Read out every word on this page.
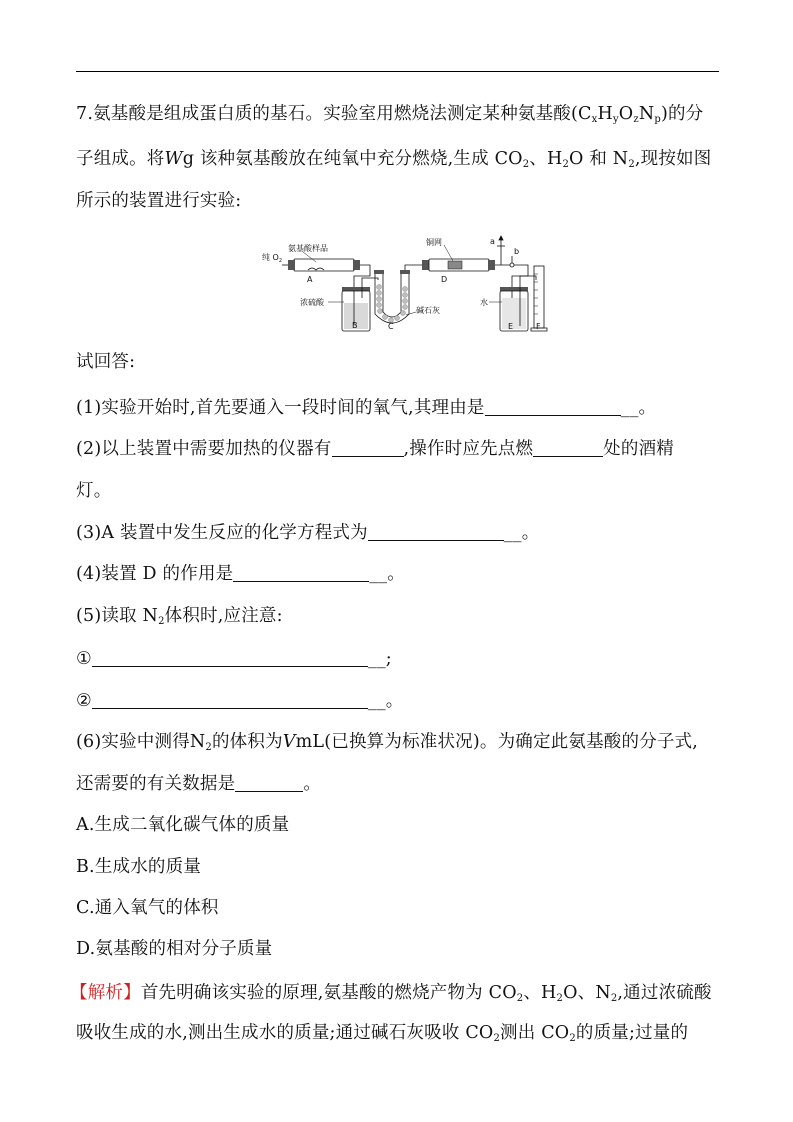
7.氨基酸是组成蛋白质的基石。实验室用燃烧法测定某种氨基酸$(C_xH_yO_zN_p)$的分
子组成。将Wg 该种氨基酸放在纯氧中充分燃烧,生成 $CO_2$、$H_2O$ 和 $N_2$,现按如图
所示的装置进行实验:
纯 $O_2$
氨基酸样品
A
铜网
D
a
b
浓硫酸
B
碱石灰
C
水
E	F
试回答:
(1)实验开始时,首先要通入一段时间的氧气,其理由是	__。
(2)以上装置中需要加热的仪器有	,操作时应先点燃	处的酒精
灯。
(3)A 装置中发生反应的化学方程式为	__。
(4)装置 D 的作用是	__。
(5)读取 $N_2$体积时,应注意:
①	__;
②	__。
(6)实验中测得$N_2$的体积为VmL(已换算为标准状况)。为确定此氨基酸的分子式,
还需要的有关数据是	。
A.生成二氧化碳气体的质量
B.生成水的质量
C.通入氧气的体积
D.氨基酸的相对分子质量
【解析】首先明确该实验的原理,氨基酸的燃烧产物为 $CO_2$、$H_2O$、$N_2$,通过浓硫酸
吸收生成的水,测出生成水的质量;通过碱石灰吸收 $CO_2$测出 $CO_2$的质量;过量的
